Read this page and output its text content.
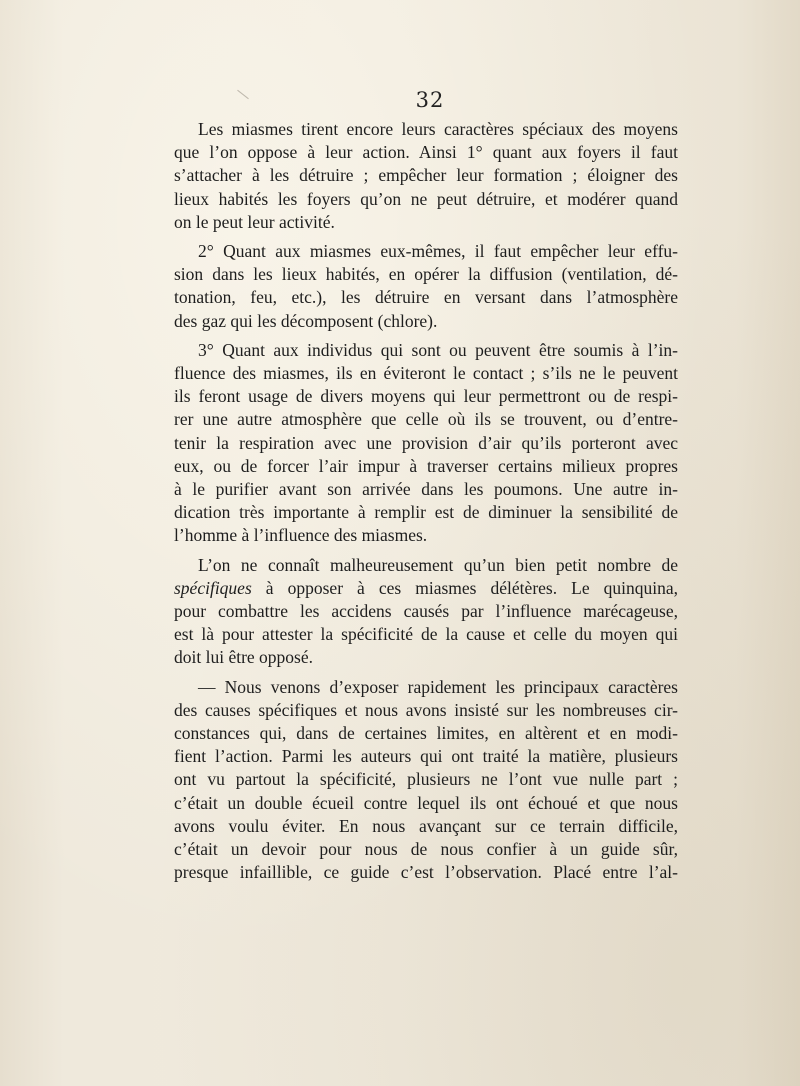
32
Les miasmes tirent encore leurs caractères spéciaux des moyens
que l’on oppose à leur action. Ainsi 1° quant aux foyers il faut
s’attacher à les détruire ; empêcher leur formation ; éloigner des
lieux habités les foyers qu’on ne peut détruire, et modérer quand
on le peut leur activité.
2° Quant aux miasmes eux-mêmes, il faut empêcher leur effu-
sion dans les lieux habités, en opérer la diffusion (ventilation, dé-
tonation, feu, etc.), les détruire en versant dans l’atmosphère
des gaz qui les décomposent (chlore).
3° Quant aux individus qui sont ou peuvent être soumis à l’in-
fluence des miasmes, ils en éviteront le contact ; s’ils ne le peuvent
ils feront usage de divers moyens qui leur permettront ou de respi-
rer une autre atmosphère que celle où ils se trouvent, ou d’entre-
tenir la respiration avec une provision d’air qu’ils porteront avec
eux, ou de forcer l’air impur à traverser certains milieux propres
à le purifier avant son arrivée dans les poumons. Une autre in-
dication très importante à remplir est de diminuer la sensibilité de
l’homme à l’influence des miasmes.
L’on ne connaît malheureusement qu’un bien petit nombre de
spécifiques à opposer à ces miasmes délétères. Le quinquina,
pour combattre les accidens causés par l’influence marécageuse,
est là pour attester la spécificité de la cause et celle du moyen qui
doit lui être opposé.
— Nous venons d’exposer rapidement les principaux caractères
des causes spécifiques et nous avons insisté sur les nombreuses cir-
constances qui, dans de certaines limites, en altèrent et en modi-
fient l’action. Parmi les auteurs qui ont traité la matière, plusieurs
ont vu partout la spécificité, plusieurs ne l’ont vue nulle part ;
c’était un double écueil contre lequel ils ont échoué et que nous
avons voulu éviter. En nous avançant sur ce terrain difficile,
c’était un devoir pour nous de nous confier à un guide sûr,
presque infaillible, ce guide c’est l’observation. Placé entre l’al-
